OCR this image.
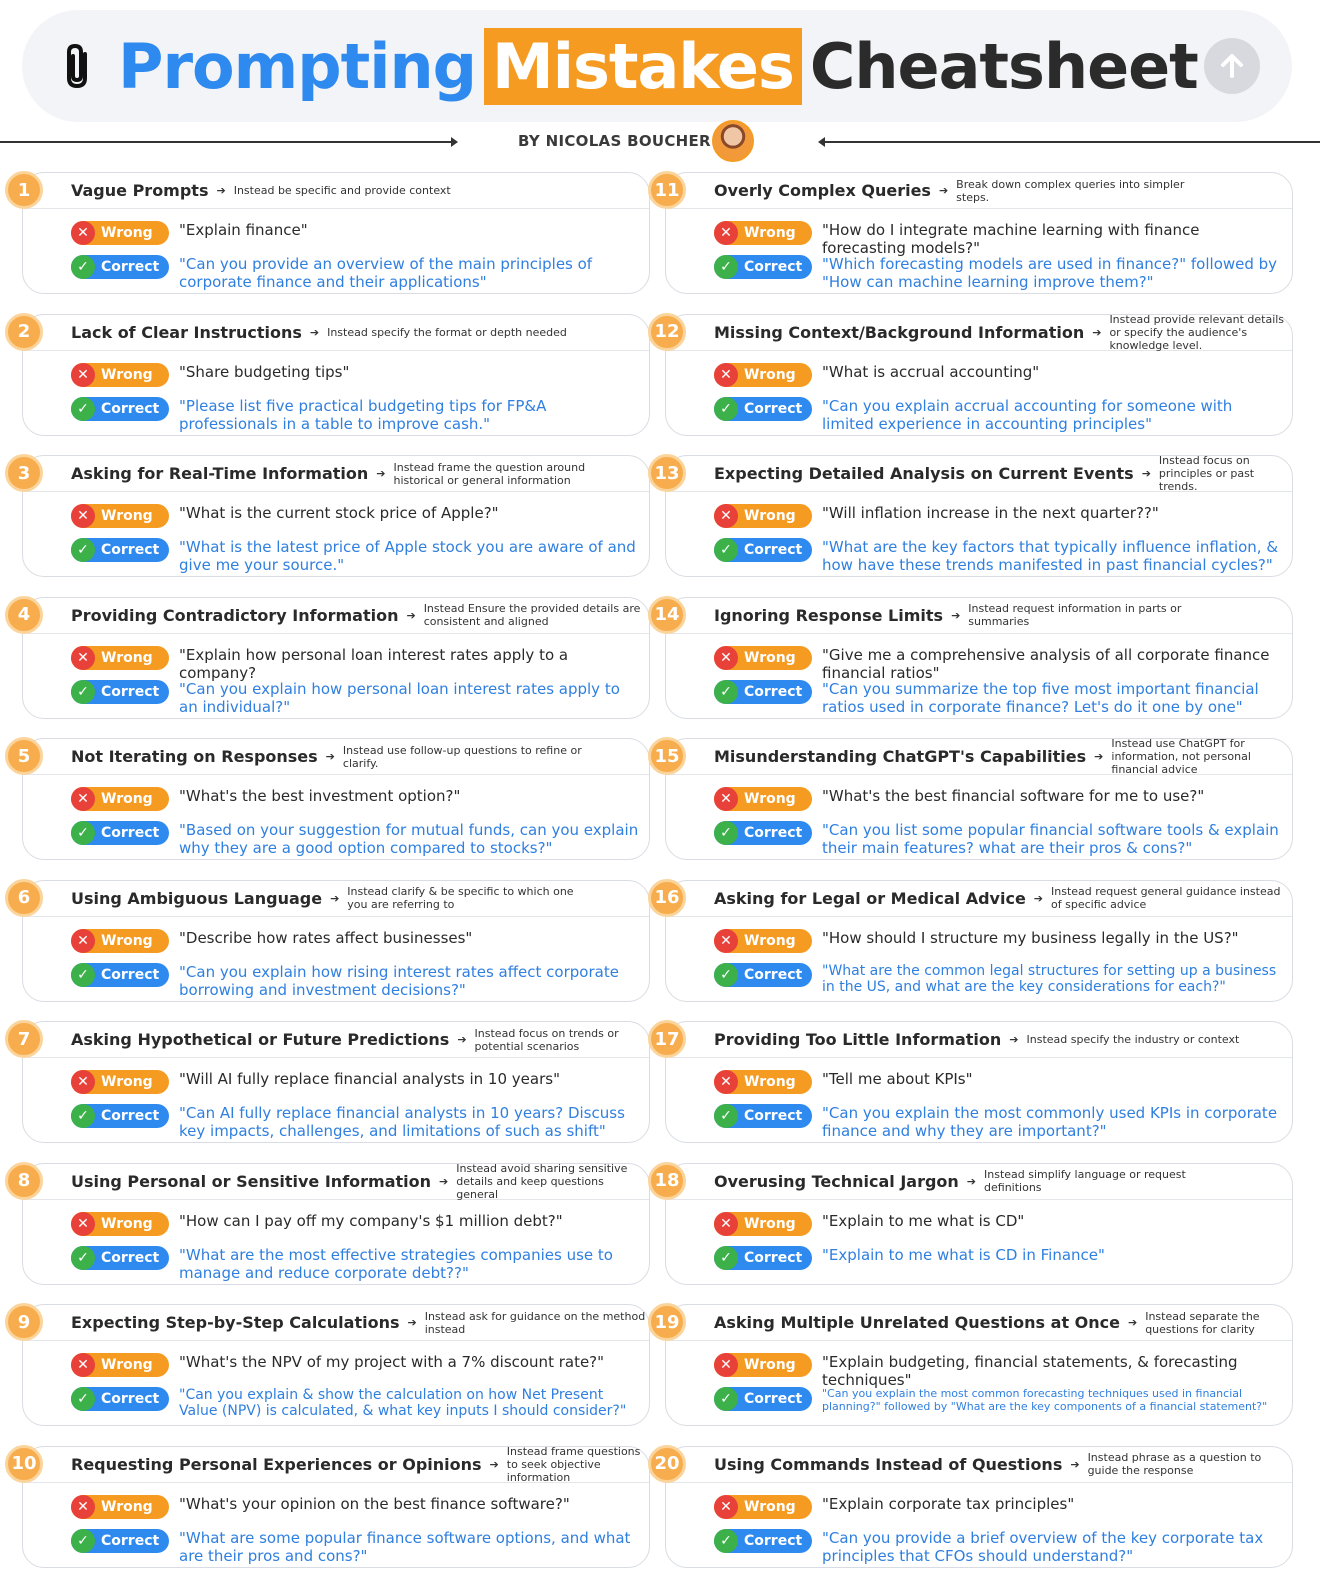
Prompting Mistakes Cheatsheet
BY NICOLAS BOUCHER
1	Vague Prompts ➔ Instead be specific and provide context
✕ Wrong "Explain finance"
✓ Correct "Can you provide an overview of the main principles of corporate finance and their applications"
11	Overly Complex Queries ➔ Break down complex queries into simpler steps.
✕ Wrong "How do I integrate machine learning with finance forecasting models?"
✓ Correct "Which forecasting models are used in finance?" followed by "How can machine learning improve them?"
2	Lack of Clear Instructions ➔ Instead specify the format or depth needed
✕ Wrong "Share budgeting tips"
✓ Correct "Please list five practical budgeting tips for FP&A professionals in a table to improve cash."
12	Missing Context/Background Information ➔
Instead provide relevant details or specify the audience's knowledge level.
✕ Wrong "What is accrual accounting"
✓ Correct "Can you explain accrual accounting for someone with limited experience in accounting principles"
3	Asking for Real-Time Information ➔ Instead frame the question around historical or general information
✕ Wrong "What is the current stock price of Apple?"
✓ Correct "What is the latest price of Apple stock you are aware of and give me your source."
13	Expecting Detailed Analysis on Current Events ➔
Instead focus on principles or past trends.
✕ Wrong "Will inflation increase in the next quarter??"
✓ Correct "What are the key factors that typically influence inflation, & how have these trends manifested in past financial cycles?"
4	Providing Contradictory Information ➔ Instead Ensure the provided details are consistent and aligned
✕ Wrong "Explain how personal loan interest rates apply to a company?
✓ Correct "Can you explain how personal loan interest rates apply to an individual?"
14	Ignoring Response Limits ➔ Instead request information in parts or summaries
✕ Wrong "Give me a comprehensive analysis of all corporate finance financial ratios"
✓ Correct "Can you summarize the top five most important financial ratios used in corporate finance? Let's do it one by one"
5	Not Iterating on Responses ➔ Instead use follow-up questions to refine or clarify.
✕ Wrong "What's the best investment option?"
✓ Correct "Based on your suggestion for mutual funds, can you explain why they are a good option compared to stocks?"
15	Misunderstanding ChatGPT's Capabilities ➔
Instead use ChatGPT for information, not personal financial advice
✕ Wrong "What's the best financial software for me to use?"
✓ Correct "Can you list some popular financial software tools & explain their main features? what are their pros & cons?"
6	Using Ambiguous Language ➔ Instead clarify & be specific to which one you are referring to
✕ Wrong "Describe how rates affect businesses"
✓ Correct "Can you explain how rising interest rates affect corporate borrowing and investment decisions?"
16	Asking for Legal or Medical Advice ➔ Instead request general guidance instead of specific advice
✕ Wrong "How should I structure my business legally in the US?"
✓ Correct "What are the common legal structures for setting up a business in the US, and what are the key considerations for each?"
7	Asking Hypothetical or Future Predictions ➔ Instead focus on trends or potential scenarios
✕ Wrong "Will AI fully replace financial analysts in 10 years"
✓ Correct "Can AI fully replace financial analysts in 10 years? Discuss key impacts, challenges, and limitations of such as shift"
17	Providing Too Little Information ➔ Instead specify the industry or context
✕ Wrong "Tell me about KPIs"
✓ Correct "Can you explain the most commonly used KPIs in corporate finance and why they are important?"
8	Using Personal or Sensitive Information ➔
Instead avoid sharing sensitive details and keep questions general
✕ Wrong "How can I pay off my company's $1 million debt?"
✓ Correct "What are the most effective strategies companies use to manage and reduce corporate debt??"
18	Overusing Technical Jargon ➔ Instead simplify language or request definitions
✕ Wrong "Explain to me what is CD"
✓ Correct "Explain to me what is CD in Finance"
9	Expecting Step-by-Step Calculations ➔ Instead ask for guidance on the method instead
✕ Wrong "What's the NPV of my project with a 7% discount rate?"
✓ Correct "Can you explain & show the calculation on how Net Present Value (NPV) is calculated, & what key inputs I should consider?"
19	Asking Multiple Unrelated Questions at Once ➔ Instead separate the questions for clarity
✕ Wrong "Explain budgeting, financial statements, & forecasting techniques"
✓ Correct "Can you explain the most common forecasting techniques used in financial planning?" followed by "What are the key components of a financial statement?"
10	Requesting Personal Experiences or Opinions ➔
Instead frame questions to seek objective information
✕ Wrong "What's your opinion on the best finance software?"
✓ Correct "What are some popular finance software options, and what are their pros and cons?"
20	Using Commands Instead of Questions ➔ Instead phrase as a question to guide the response
✕ Wrong "Explain corporate tax principles"
✓ Correct "Can you provide a brief overview of the key corporate tax principles that CFOs should understand?"
